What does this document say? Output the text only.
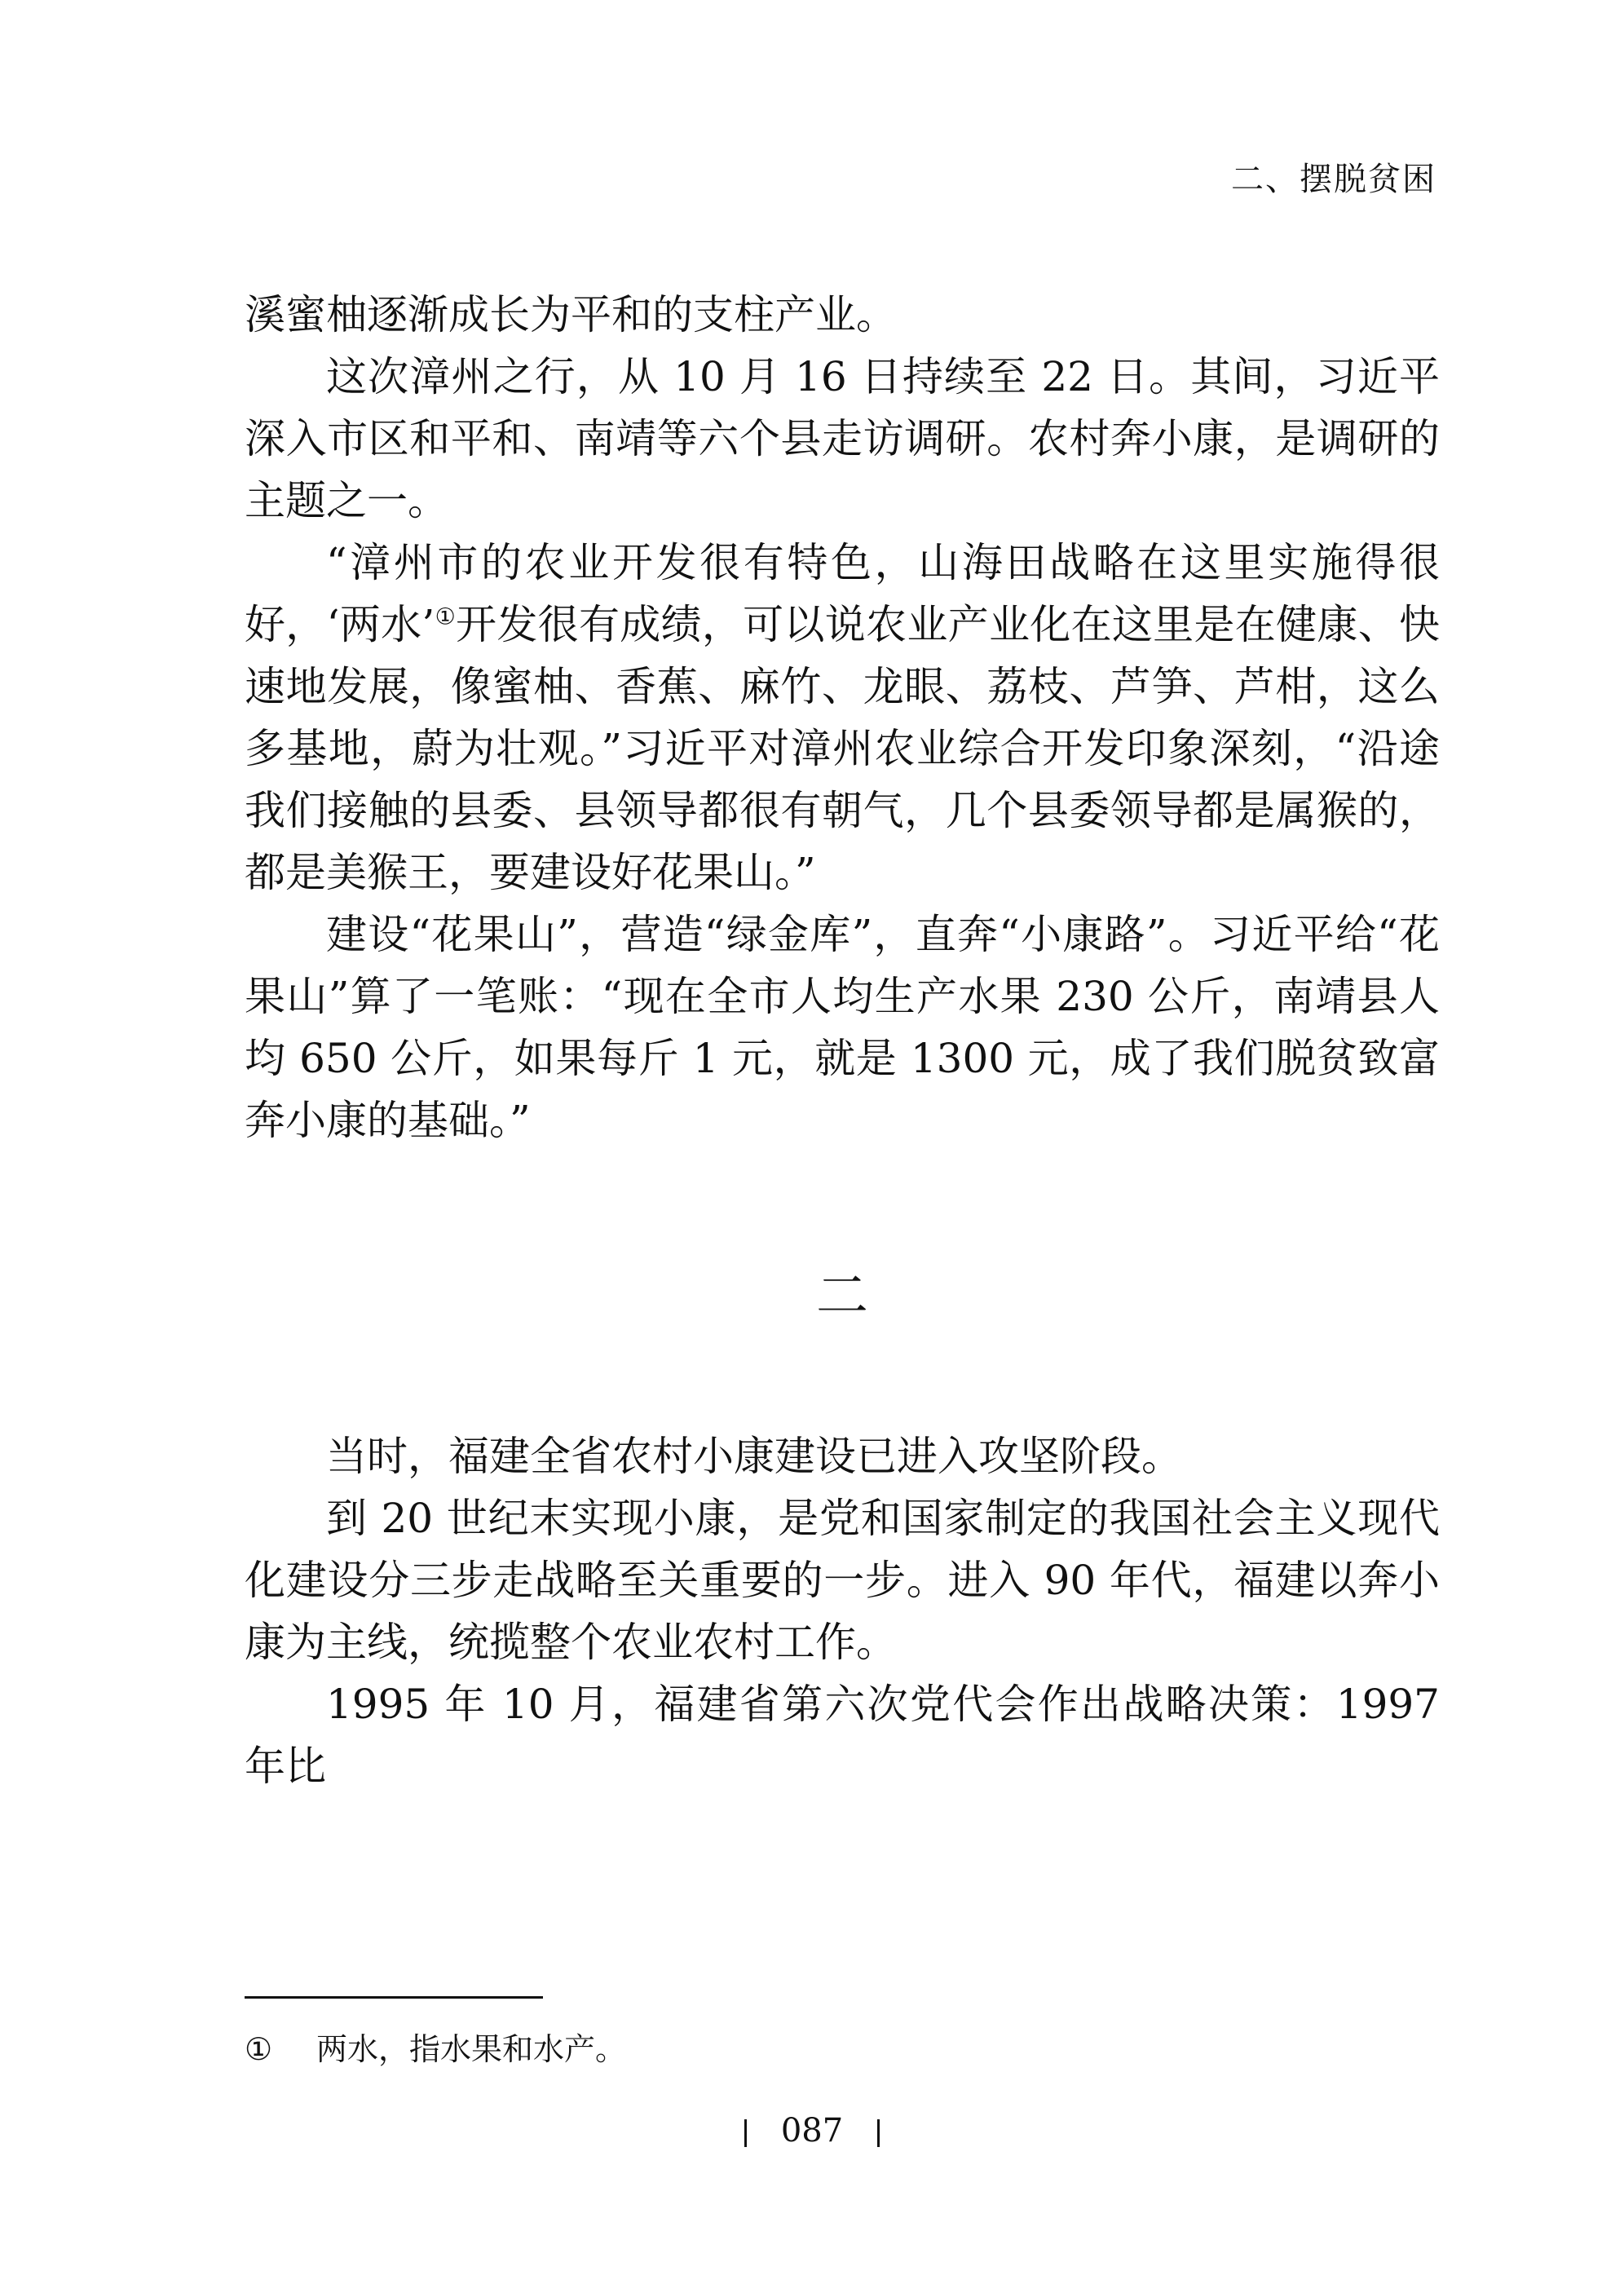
二、摆脱贫困

溪蜜柚逐渐成长为平和的支柱产业。

这次漳州之行，从 10 月 16 日持续至 22 日。其间，习近平深入市区和平和、南靖等六个县走访调研。农村奔小康，是调研的主题之一。

“漳州市的农业开发很有特色，山海田战略在这里实施得很好，‘两水’①开发很有成绩，可以说农业产业化在这里是在健康、快速地发展，像蜜柚、香蕉、麻竹、龙眼、荔枝、芦笋、芦柑，这么多基地，蔚为壮观。”习近平对漳州农业综合开发印象深刻，“沿途我们接触的县委、县领导都很有朝气，几个县委领导都是属猴的，都是美猴王，要建设好花果山。”

建设“花果山”，营造“绿金库”，直奔“小康路”。习近平给“花果山”算了一笔账：“现在全市人均生产水果 230 公斤，南靖县人均 650 公斤，如果每斤 1 元，就是 1300 元，成了我们脱贫致富奔小康的基础。”

二

当时，福建全省农村小康建设已进入攻坚阶段。

到 20 世纪末实现小康，是党和国家制定的我国社会主义现代化建设分三步走战略至关重要的一步。进入 90 年代，福建以奔小康为主线，统揽整个农业农村工作。

1995 年 10 月，福建省第六次党代会作出战略决策：1997 年比

① 两水，指水果和水产。
087
